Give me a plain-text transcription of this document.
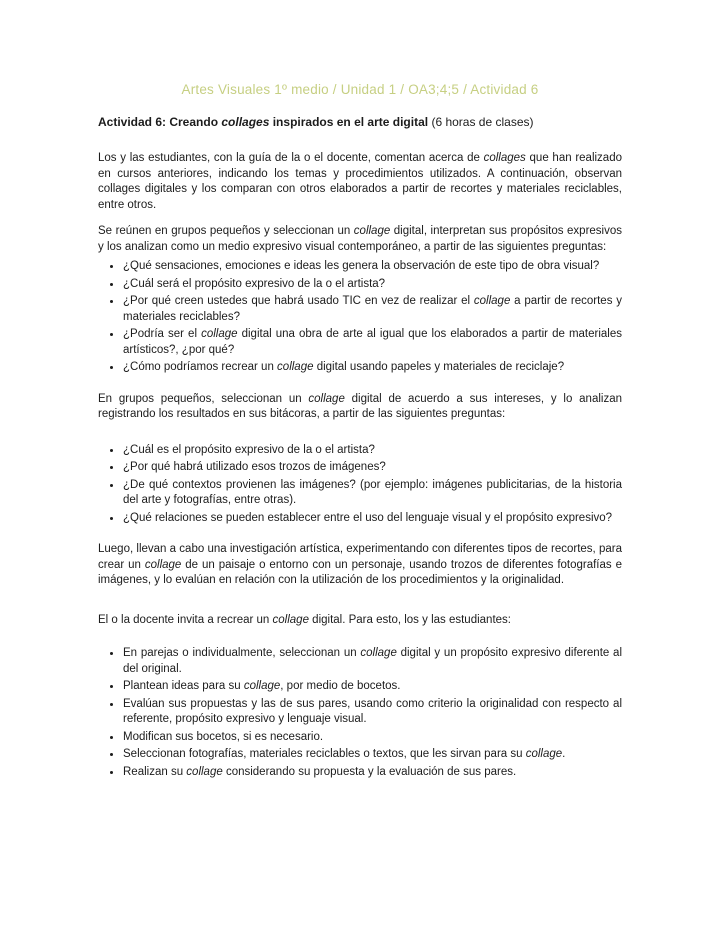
Artes Visuales 1º medio / Unidad 1 / OA3;4;5 / Actividad 6
Actividad 6: Creando collages inspirados en el arte digital (6 horas de clases)

Los y las estudiantes, con la guía de la o el docente, comentan acerca de collages que han realizado en cursos anteriores, indicando los temas y procedimientos utilizados. A continuación, observan collages digitales y los comparan con otros elaborados a partir de recortes y materiales reciclables, entre otros.

Se reúnen en grupos pequeños y seleccionan un collage digital, interpretan sus propósitos expresivos y los analizan como un medio expresivo visual contemporáneo, a partir de las siguientes preguntas:

• ¿Qué sensaciones, emociones e ideas les genera la observación de este tipo de obra visual?
• ¿Cuál será el propósito expresivo de la o el artista?
• ¿Por qué creen ustedes que habrá usado TIC en vez de realizar el collage a partir de recortes y materiales reciclables?
• ¿Podría ser el collage digital una obra de arte al igual que los elaborados a partir de materiales artísticos?, ¿por qué?
• ¿Cómo podríamos recrear un collage digital usando papeles y materiales de reciclaje?

En grupos pequeños, seleccionan un collage digital de acuerdo a sus intereses, y lo analizan registrando los resultados en sus bitácoras, a partir de las siguientes preguntas:

• ¿Cuál es el propósito expresivo de la o el artista?
• ¿Por qué habrá utilizado esos trozos de imágenes?
• ¿De qué contextos provienen las imágenes? (por ejemplo: imágenes publicitarias, de la historia del arte y fotografías, entre otras).
• ¿Qué relaciones se pueden establecer entre el uso del lenguaje visual y el propósito expresivo?

Luego, llevan a cabo una investigación artística, experimentando con diferentes tipos de recortes, para crear un collage de un paisaje o entorno con un personaje, usando trozos de diferentes fotografías e imágenes, y lo evalúan en relación con la utilización de los procedimientos y la originalidad.

El o la docente invita a recrear un collage digital. Para esto, los y las estudiantes:

• En parejas o individualmente, seleccionan un collage digital y un propósito expresivo diferente al del original.
• Plantean ideas para su collage, por medio de bocetos.
• Evalúan sus propuestas y las de sus pares, usando como criterio la originalidad con respecto al referente, propósito expresivo y lenguaje visual.
• Modifican sus bocetos, si es necesario.
• Seleccionan fotografías, materiales reciclables o textos, que les sirvan para su collage.
• Realizan su collage considerando su propuesta y la evaluación de sus pares.
